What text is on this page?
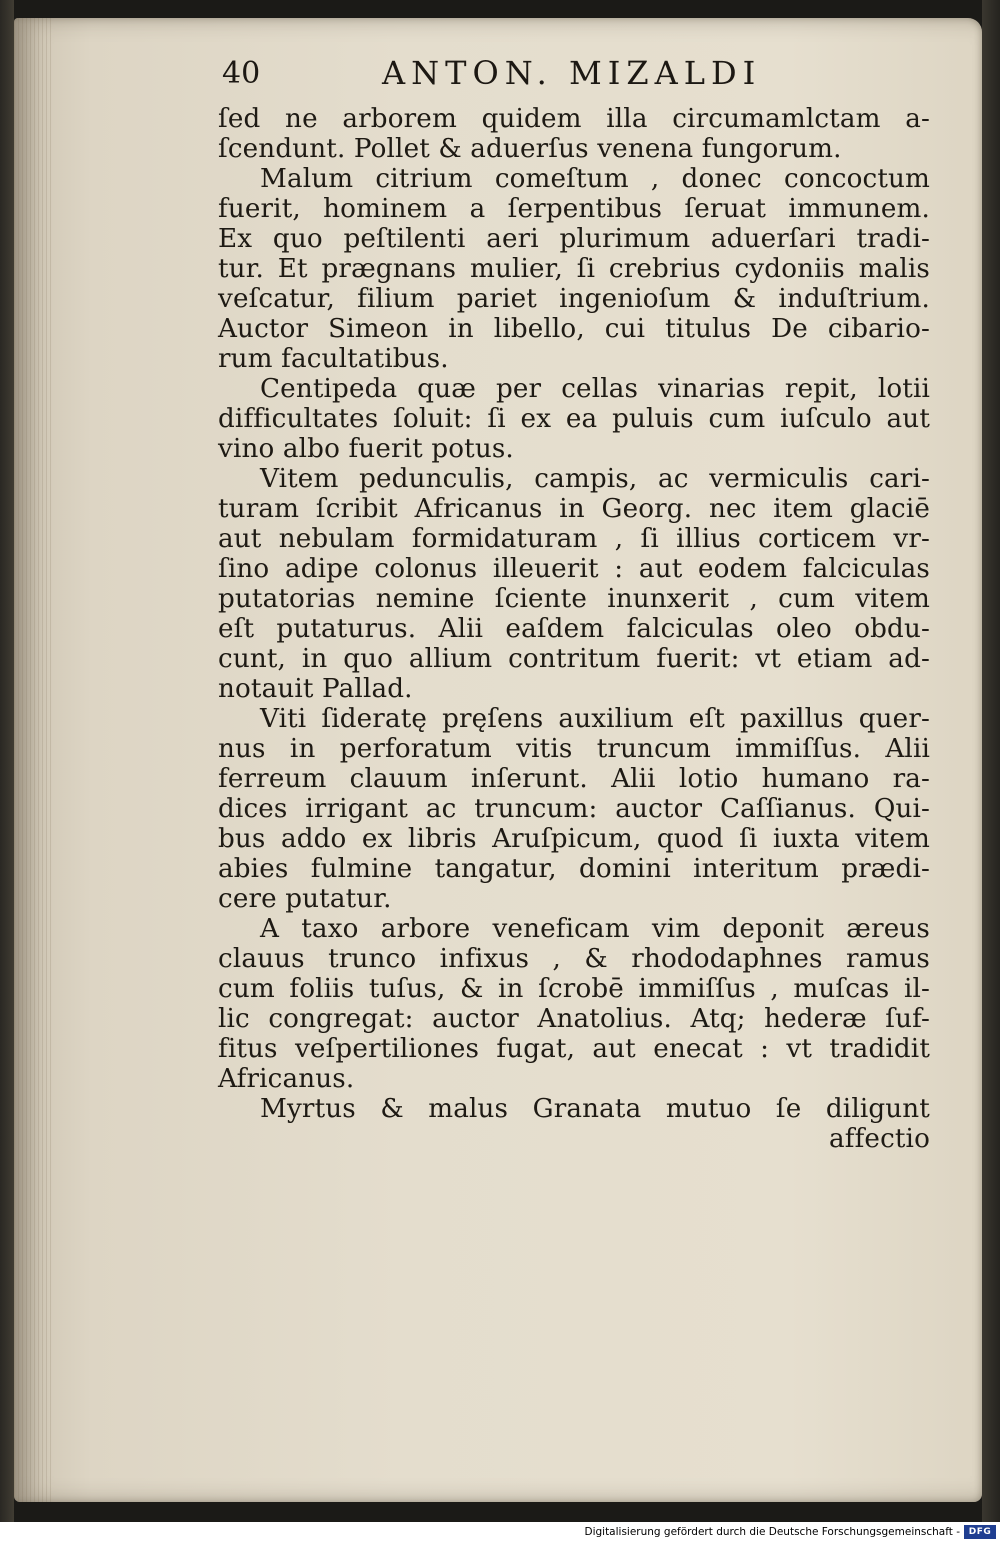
40	ANTON. MIZALDI
ſed ne arborem quidem illa circumamlctam a-
ſcendunt. Pollet & aduerſus venena fungorum.
Malum citrium comeſtum , donec concoctum
fuerit, hominem a ſerpentibus ſeruat immunem.
Ex quo peſtilenti aeri plurimum aduerſari tradi-
tur. Et prægnans mulier, ſi crebrius cydoniis malis
veſcatur, filium pariet ingenioſum & induſtrium.
Auctor Simeon in libello, cui titulus De cibario-
rum facultatibus.
Centipeda quæ per cellas vinarias repit, lotii
difficultates ſoluit: ſi ex ea puluis cum iuſculo aut
vino albo fuerit potus.
Vitem pedunculis, campis, ac vermiculis cari-
turam ſcribit Africanus in Georg. nec item glaciē
aut nebulam formidaturam , ſi illius corticem vr-
ſino adipe colonus illeuerit : aut eodem falciculas
putatorias nemine ſciente inunxerit , cum vitem
eſt putaturus. Alii eaſdem falciculas oleo obdu-
cunt, in quo allium contritum fuerit: vt etiam ad-
notauit Pallad.
Viti ſideratę pręſens auxilium eſt paxillus quer-
nus in perforatum vitis truncum immiſſus. Alii
ferreum clauum inſerunt. Alii lotio humano ra-
dices irrigant ac truncum: auctor Caſſianus. Qui-
bus addo ex libris Aruſpicum, quod ſi iuxta vitem
abies fulmine tangatur, domini interitum prædi-
cere putatur.
A taxo arbore veneficam vim deponit æreus
clauus trunco infixus , & rhododaphnes ramus
cum foliis tuſus, & in ſcrobē immiſſus , muſcas il-
lic congregat: auctor Anatolius. Atq; hederæ ſuf-
fitus veſpertiliones fugat, aut enecat : vt tradidit
Africanus.
Myrtus & malus Granata mutuo ſe diligunt
affectio
Digitalisierung gefördert durch die Deutsche Forschungsgemeinschaft - DFG
